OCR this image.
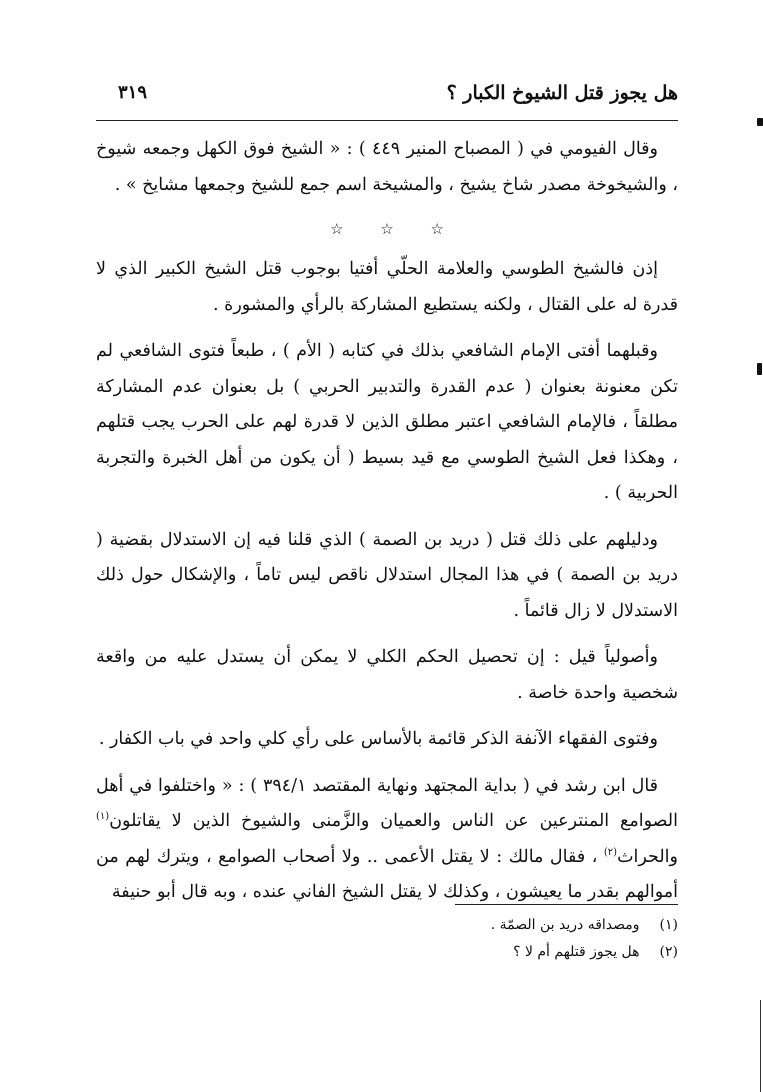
هل يجوز قتل الشيوخ الكبار ؟
٣١٩

وقال الفيومي في ( المصباح المنير ٤٤٩ ) : « الشيخ فوق الكهل وجمعه شيوخ ، والشيخوخة مصدر شاخ يشيخ ، والمشيخة اسم جمع للشيخ وجمعها مشايخ » .

☆ ☆ ☆

إذن فالشيخ الطوسي والعلامة الحلّي أفتيا بوجوب قتل الشيخ الكبير الذي لا قدرة له على القتال ، ولكنه يستطيع المشاركة بالرأي والمشورة .

وقبلهما أفتى الإمام الشافعي بذلك في كتابه ( الأم ) ، طبعاً فتوى الشافعي لم تكن معنونة بعنوان ( عدم القدرة والتدبير الحربي ) بل بعنوان عدم المشاركة مطلقاً ، فالإمام الشافعي اعتبر مطلق الذين لا قدرة لهم على الحرب يجب قتلهم ، وهكذا فعل الشيخ الطوسي مع قيد بسيط ( أن يكون من أهل الخبرة والتجربة الحربية ) .

ودليلهم على ذلك قتل ( دريد بن الصمة ) الذي قلنا فيه إن الاستدلال بقضية ( دريد بن الصمة ) في هذا المجال استدلال ناقص ليس تاماً ، والإشكال حول ذلك الاستدلال لا زال قائماً .

وأصولياً قيل : إن تحصيل الحكم الكلي لا يمكن أن يستدل عليه من واقعة شخصية واحدة خاصة .

وفتوى الفقهاء الآنفة الذكر قائمة بالأساس على رأي كلي واحد في باب الكفار .

قال ابن رشد في ( بداية المجتهد ونهاية المقتصد ٣٩٤/١ ) : « واختلفوا في أهل الصوامع المنترعين عن الناس والعميان والزَّمنى والشيوخ الذين لا يقاتلون$^{(١)}$ والحراث$^{(٢)}$ ، فقال مالك : لا يقتل الأعمى .. ولا أصحاب الصوامع ، ويترك لهم من أموالهم بقدر ما يعيشون ، وكذلك لا يقتل الشيخ الفاني عنده ، وبه قال أبو حنيفة

(١)
ومصداقه دريد بن الصمّة .
(٢)
هل يجوز قتلهم أم لا ؟
